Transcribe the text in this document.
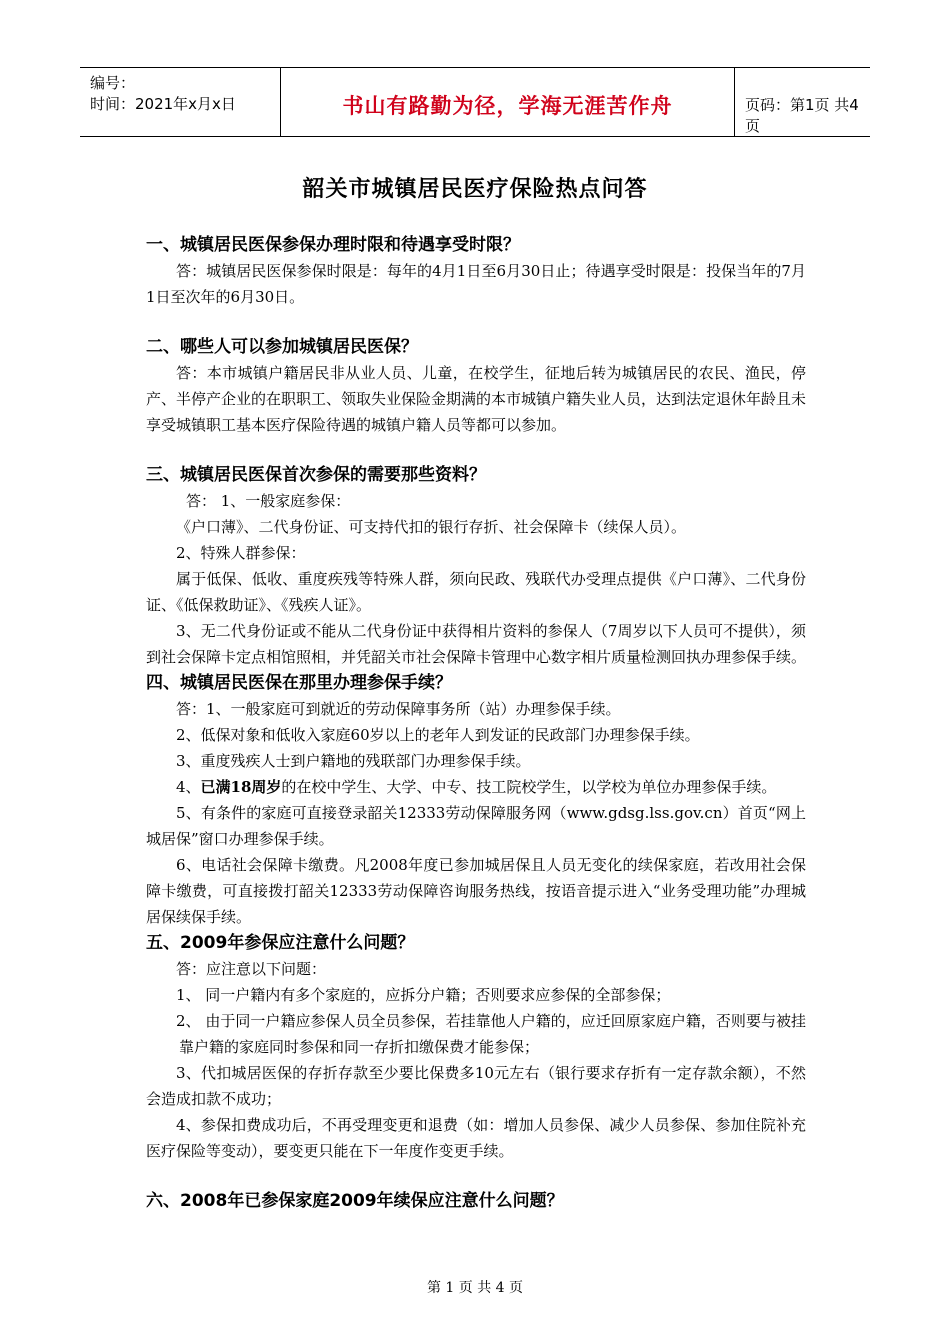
编号：
时间：2021年x月x日	书山有路勤为径，学海无涯苦作舟	页码：第1页 共4页
韶关市城镇居民医疗保险热点问答

一、城镇居民医保参保办理时限和待遇享受时限？

答：城镇居民医保参保时限是：每年的4月1日至6月30日止；待遇享受时限是：投保当年的7月1日至次年的6月30日。

二、哪些人可以参加城镇居民医保？

答：本市城镇户籍居民非从业人员、儿童，在校学生，征地后转为城镇居民的农民、渔民，停产、半停产企业的在职职工、领取失业保险金期满的本市城镇户籍失业人员，达到法定退休年龄且未享受城镇职工基本医疗保险待遇的城镇户籍人员等都可以参加。

三、城镇居民医保首次参保的需要那些资料？

答： 1、一般家庭参保：

《户口薄》、二代身份证、可支持代扣的银行存折、社会保障卡（续保人员）。

2、特殊人群参保：

属于低保、低收、重度疾残等特殊人群，须向民政、残联代办受理点提供《户口薄》、二代身份证、《低保救助证》、《残疾人证》。

3、无二代身份证或不能从二代身份证中获得相片资料的参保人（7周岁以下人员可不提供），须到社会保障卡定点相馆照相，并凭韶关市社会保障卡管理中心数字相片质量检测回执办理参保手续。

四、城镇居民医保在那里办理参保手续？

答：1、一般家庭可到就近的劳动保障事务所（站）办理参保手续。

2、低保对象和低收入家庭60岁以上的老年人到发证的民政部门办理参保手续。

3、重度残疾人士到户籍地的残联部门办理参保手续。

4、已满18周岁的在校中学生、大学、中专、技工院校学生，以学校为单位办理参保手续。

5、有条件的家庭可直接登录韶关12333劳动保障服务网（www.gdsg.lss.gov.cn）首页“网上城居保”窗口办理参保手续。

6、电话社会保障卡缴费。凡2008年度已参加城居保且人员无变化的续保家庭，若改用社会保障卡缴费，可直接拨打韶关12333劳动保障咨询服务热线，按语音提示进入“业务受理功能”办理城居保续保手续。

五、2009年参保应注意什么问题？

答：应注意以下问题：

1、 同一户籍内有多个家庭的，应拆分户籍；否则要求应参保的全部参保；

2、 由于同一户籍应参保人员全员参保，若挂靠他人户籍的，应迁回原家庭户籍，否则要与被挂靠户籍的家庭同时参保和同一存折扣缴保费才能参保；

3、代扣城居医保的存折存款至少要比保费多10元左右（银行要求存折有一定存款余额），不然会造成扣款不成功；

4、参保扣费成功后，不再受理变更和退费（如：增加人员参保、减少人员参保、参加住院补充医疗保险等变动），要变更只能在下一年度作变更手续。

六、2008年已参保家庭2009年续保应注意什么问题？

第 1 页 共 4 页
